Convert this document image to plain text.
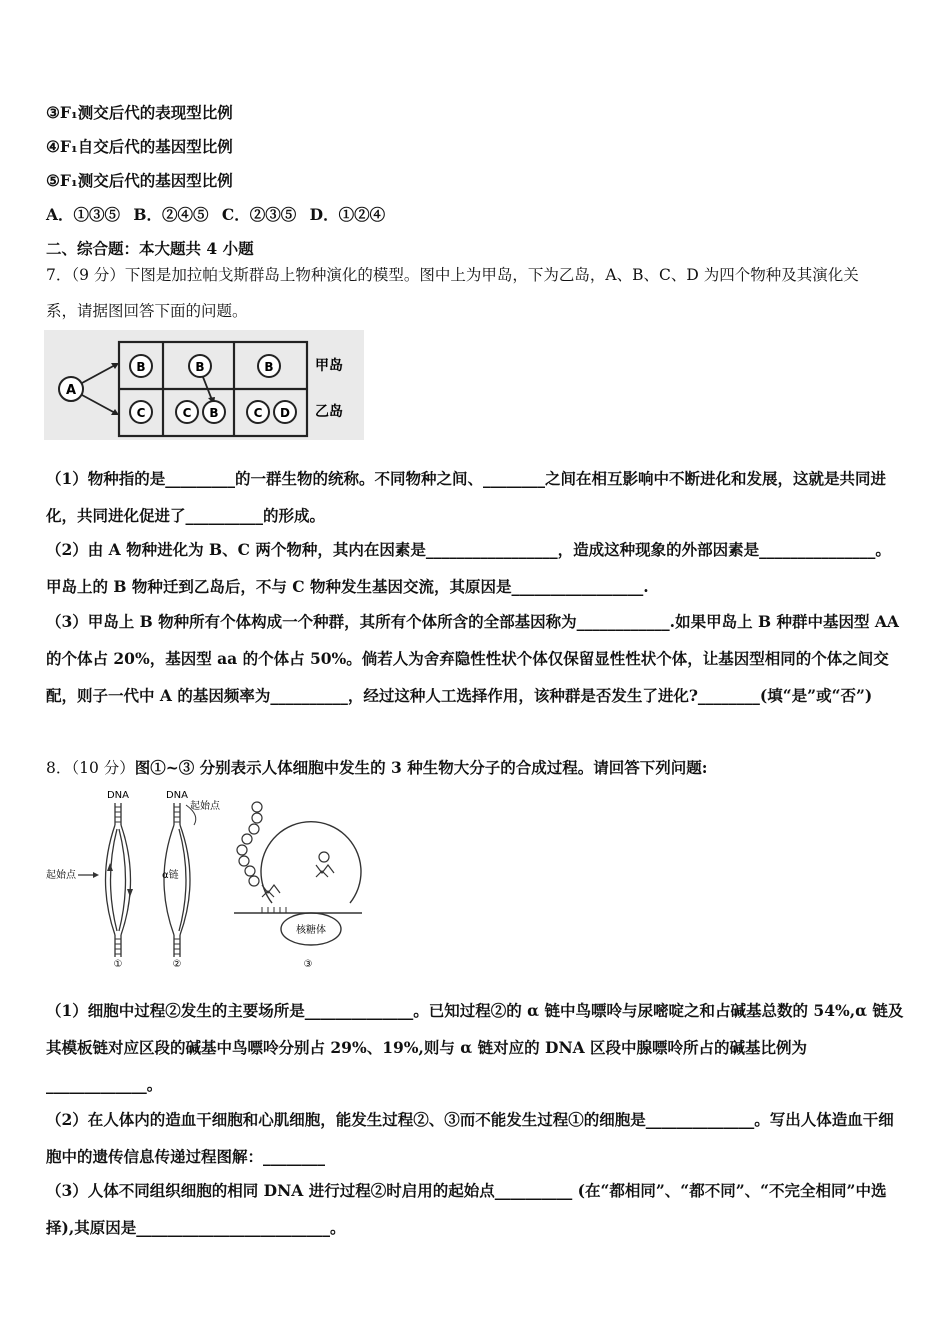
③F₁测交后代的表现型比例
④F₁自交后代的基因型比例
⑤F₁测交后代的基因型比例
A．①③⑤ B．②④⑤ C．②③⑤ D．①②④
二、综合题：本大题共 4 小题
7．（9 分）下图是加拉帕戈斯群岛上物种演化的模型。图中上为甲岛，下为乙岛，A、B、C、D 为四个物种及其演化关
系，请据图回答下面的问题。
A
B	B	B
C	C B	C D
甲岛
乙岛
（1）物种指的是_________的一群生物的统称。不同物种之间、________之间在相互影响中不断进化和发展，这就是共同进化，共同进化促进了__________的形成。
（2）由 A 物种进化为 B、C 两个物种，其内在因素是_________________，造成这种现象的外部因素是_______________。甲岛上的 B 物种迁到乙岛后，不与 C 物种发生基因交流，其原因是_________________.
（3）甲岛上 B 物种所有个体构成一个种群，其所有个体所含的全部基因称为____________.如果甲岛上 B 种群中基因型 AA 的个体占 20%，基因型 aa 的个体占 50%。倘若人为舍弃隐性性状个体仅保留显性性状个体，让基因型相同的个体之间交配，则子一代中 A 的基因频率为__________，经过这种人工选择作用，该种群是否发生了进化?________(填“是”或“否”)
8．（10 分）图①~③ 分别表示人体细胞中发生的 3 种生物大分子的合成过程。请回答下列问题:
DNA
起始点
①
DNA
起始点
α链
②
核糖体
③
（1）细胞中过程②发生的主要场所是______________。已知过程②的 α 链中鸟嘌呤与尿嘧啶之和占碱基总数的 54%,α 链及其模板链对应区段的碱基中鸟嘌呤分别占 29%、19%,则与 α 链对应的 DNA 区段中腺嘌呤所占的碱基比例为_____________。
（2）在人体内的造血干细胞和心肌细胞，能发生过程②、③而不能发生过程①的细胞是______________。写出人体造血干细胞中的遗传信息传递过程图解：________
（3）人体不同组织细胞的相同 DNA 进行过程②时启用的起始点__________ (在“都相同”、“都不同”、“不完全相同”中选择),其原因是_________________________。
